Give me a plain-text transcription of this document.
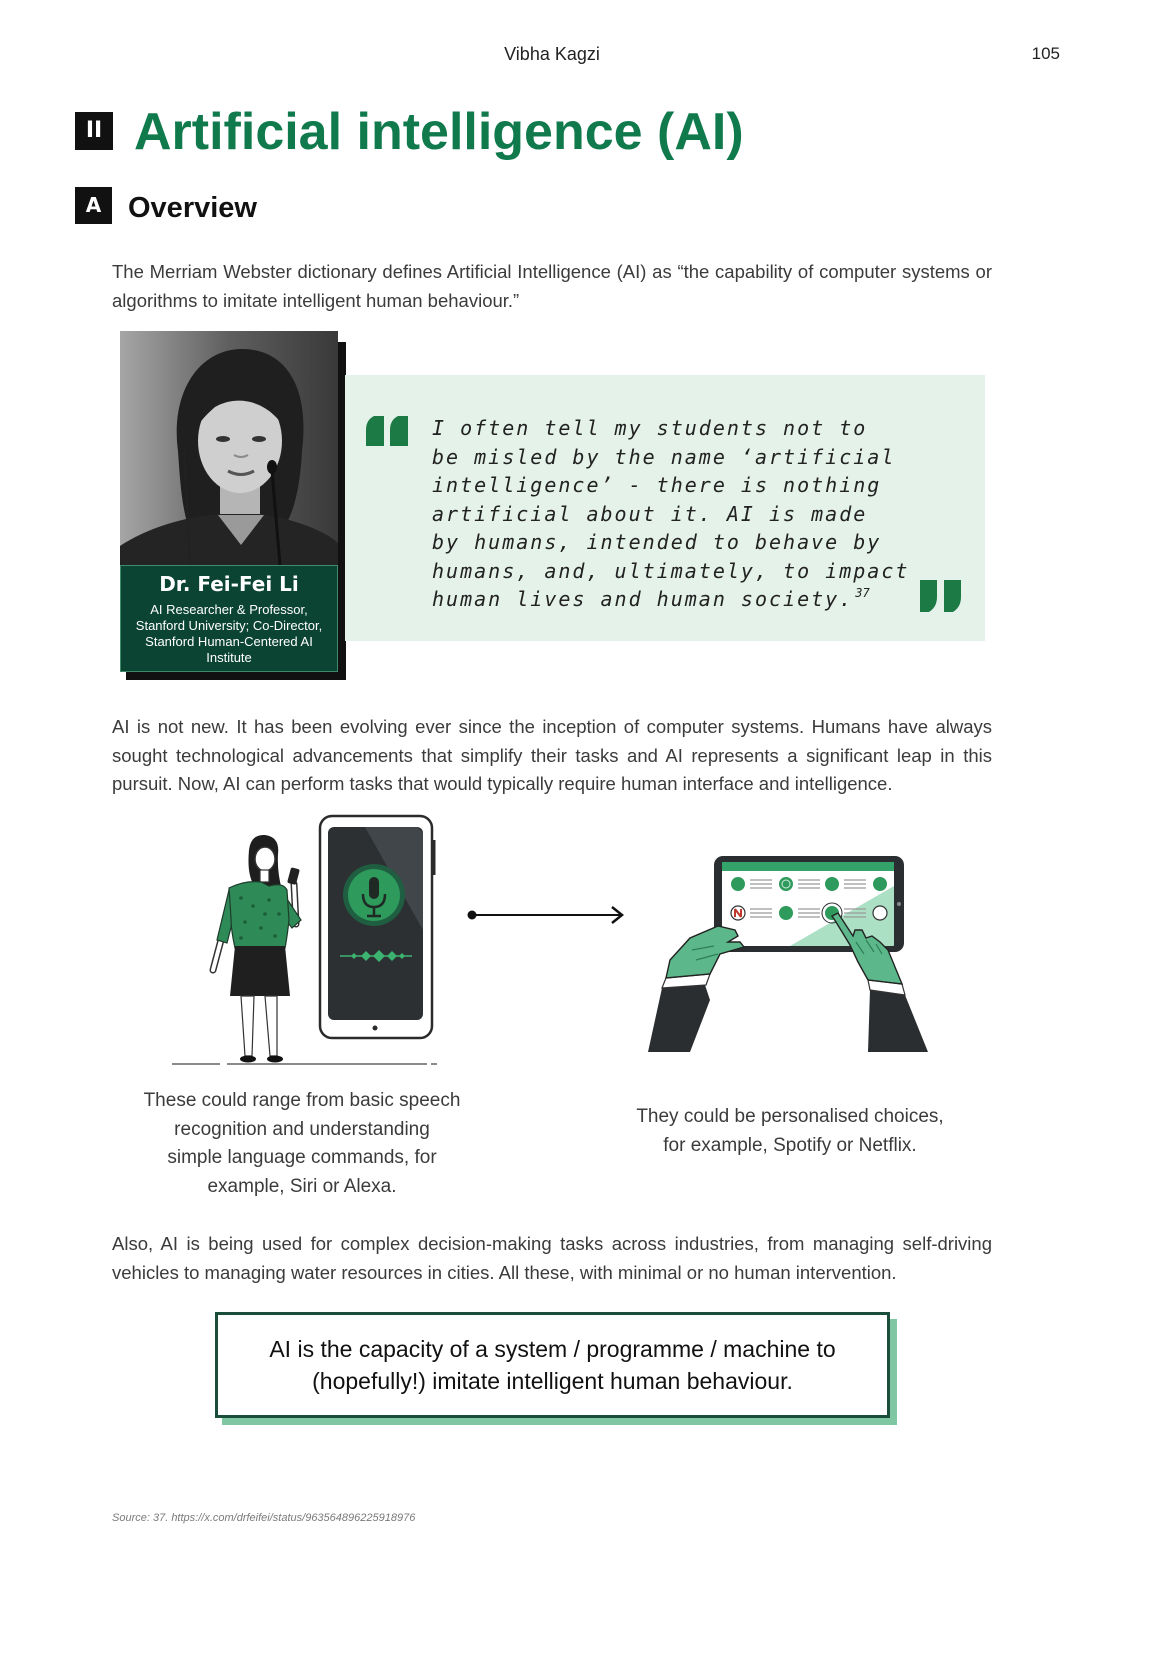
Vibha Kagzi	105
II Artificial intelligence (AI)
A Overview

The Merriam Webster dictionary defines Artificial Intelligence (AI) as “the capability of computer systems or algorithms to imitate intelligent human behaviour.”

Dr. Fei-Fei Li
AI Researcher & Professor, Stanford University; Co-Director, Stanford Human-Centered AI Institute
I often tell my students not to
be misled by the name ‘artificial
intelligence’ - there is nothing
artificial about it. AI is made
by humans, intended to behave by
humans, and, ultimately, to impact
human lives and human society. $^{37}$

AI is not new. It has been evolving ever since the inception of computer systems. Humans have always sought technological advancements that simplify their tasks and AI represents a significant leap in this pursuit. Now, AI can perform tasks that would typically require human interface and intelligence.

These could range from basic speech
recognition and understanding
simple language commands, for
example, Siri or Alexa.
They could be personalised choices,
for example, Spotify or Netflix.

Also, AI is being used for complex decision-making tasks across industries, from managing self-driving vehicles to managing water resources in cities. All these, with minimal or no human intervention.

AI is the capacity of a system / programme / machine to
(hopefully!) imitate intelligent human behaviour.
Source: 37. https://x.com/drfeifei/status/963564896225918976
